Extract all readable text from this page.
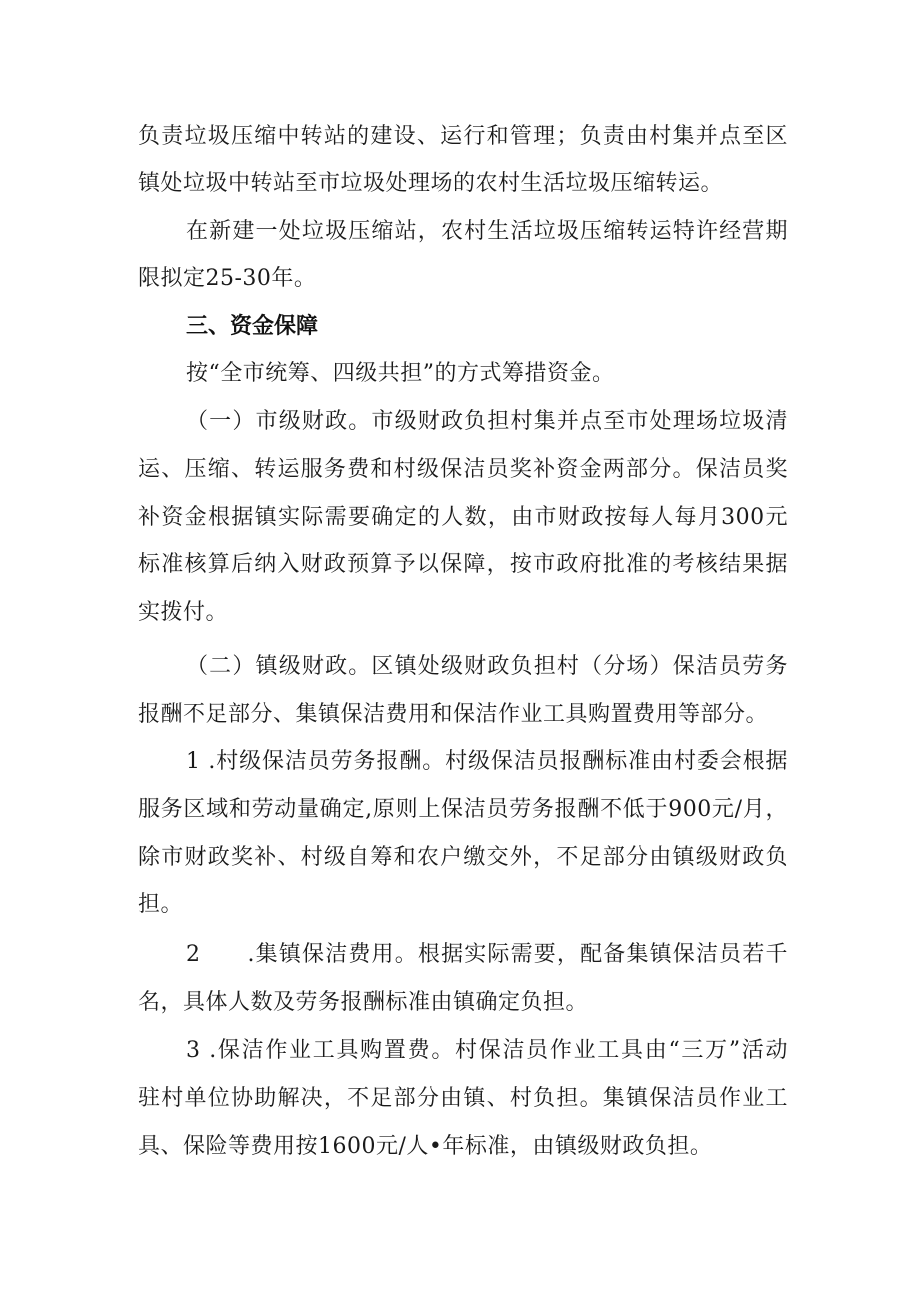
负责垃圾压缩中转站的建设、运行和管理；负责由村集并点至区
镇处垃圾中转站至市垃圾处理场的农村生活垃圾压缩转运。
在新建一处垃圾压缩站，农村生活垃圾压缩转运特许经营期
限拟定25-30年。
三、资金保障
按“全市统筹、四级共担”的方式筹措资金。
（一）市级财政。市级财政负担村集并点至市处理场垃圾清
运、压缩、转运服务费和村级保洁员奖补资金两部分。保洁员奖
补资金根据镇实际需要确定的人数，由市财政按每人每月300元
标准核算后纳入财政预算予以保障，按市政府批准的考核结果据
实拨付。
（二）镇级财政。区镇处级财政负担村（分场）保洁员劳务
报酬不足部分、集镇保洁费用和保洁作业工具购置费用等部分。
1 .村级保洁员劳务报酬。村级保洁员报酬标准由村委会根据
服务区域和劳动量确定,原则上保洁员劳务报酬不低于900元/月，
除市财政奖补、村级自筹和农户缴交外，不足部分由镇级财政负
担。
2　　.集镇保洁费用。根据实际需要，配备集镇保洁员若千
名，具体人数及劳务报酬标准由镇确定负担。
3 .保洁作业工具购置费。村保洁员作业工具由“三万”活动
驻村单位协助解决，不足部分由镇、村负担。集镇保洁员作业工
具、保险等费用按1600元/人•年标准，由镇级财政负担。
